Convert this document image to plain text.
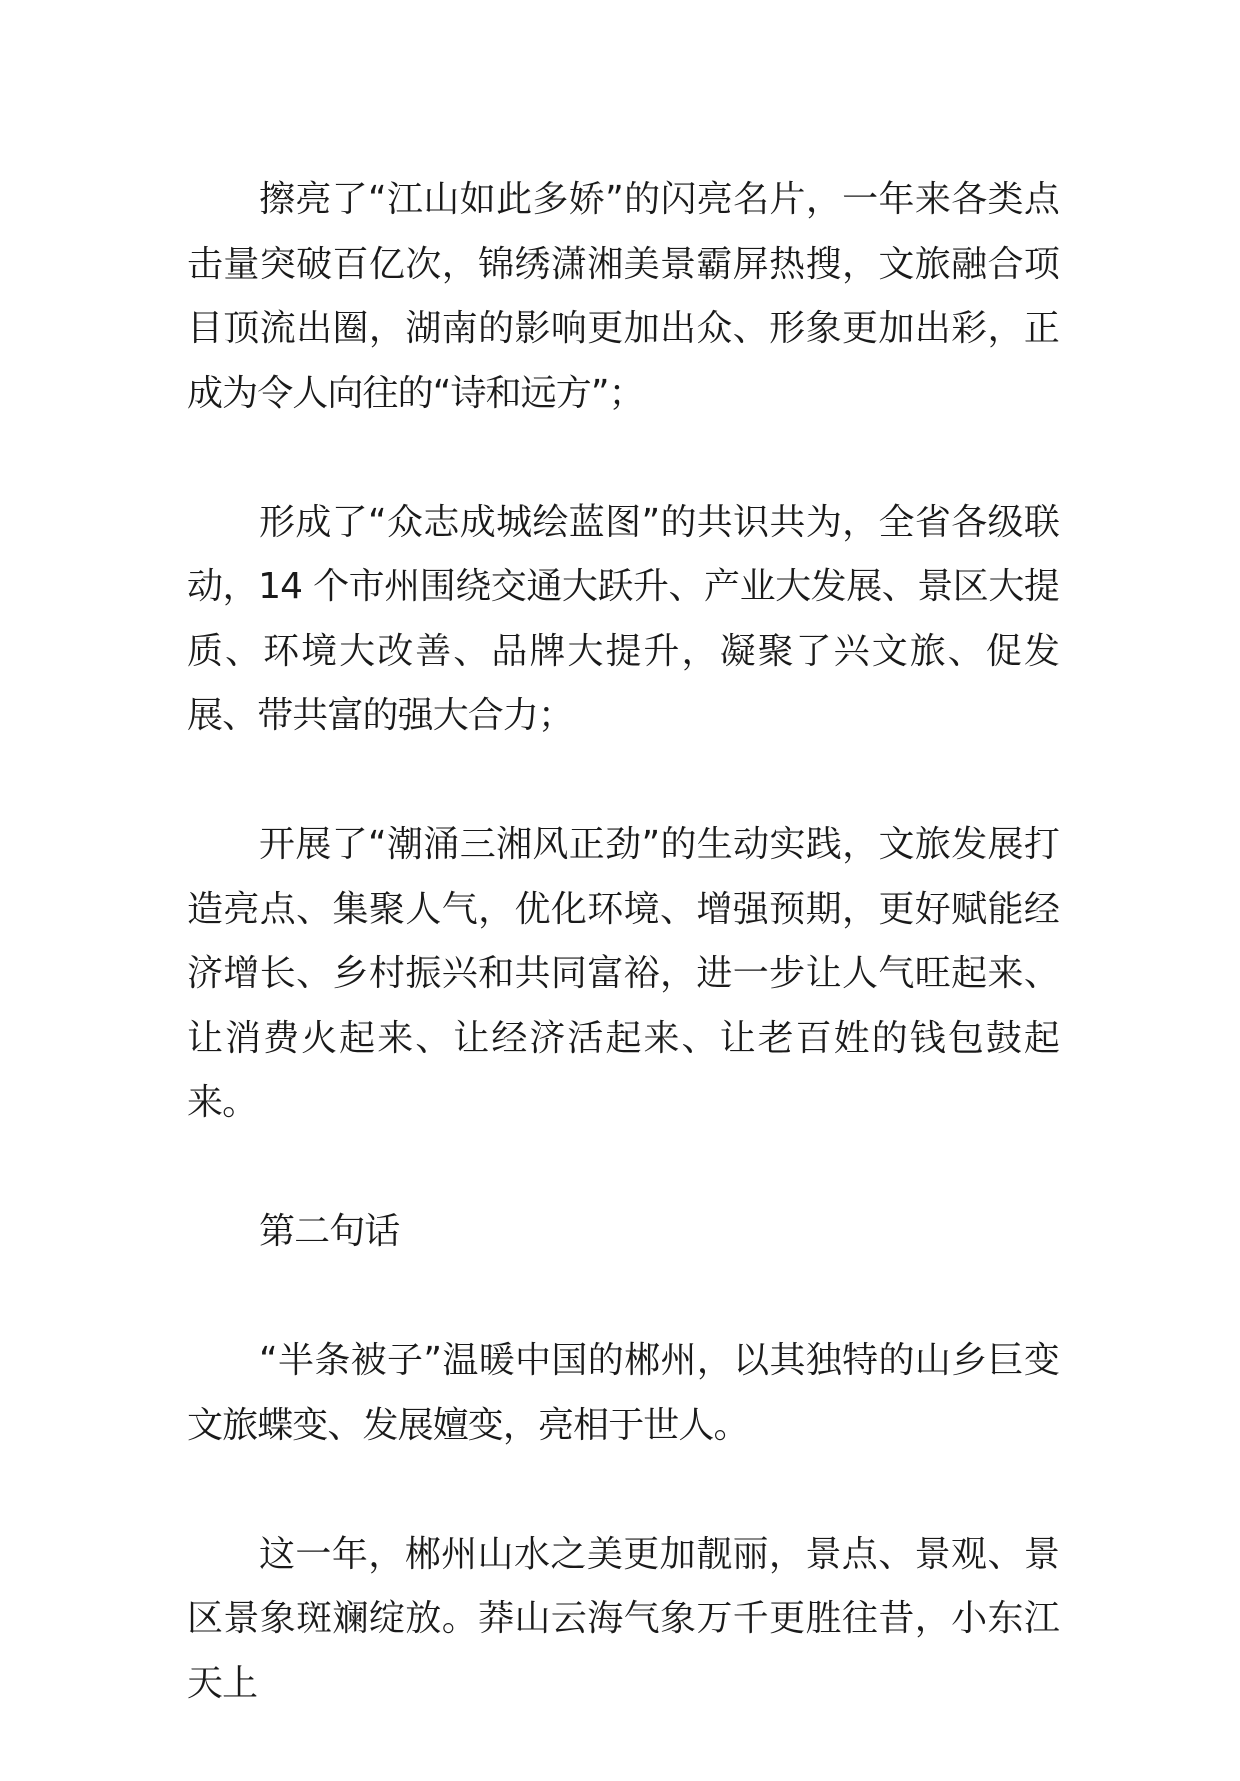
擦亮了“江山如此多娇”的闪亮名片，一年来各类点击量突破百亿次，锦绣潇湘美景霸屏热搜，文旅融合项目顶流出圈，湖南的影响更加出众、形象更加出彩，正成为令人向往的“诗和远方”；

形成了“众志成城绘蓝图”的共识共为，全省各级联动，14 个市州围绕交通大跃升、产业大发展、景区大提质、环境大改善、品牌大提升，凝聚了兴文旅、促发展、带共富的强大合力；

开展了“潮涌三湘风正劲”的生动实践，文旅发展打造亮点、集聚人气，优化环境、增强预期，更好赋能经济增长、乡村振兴和共同富裕，进一步让人气旺起来、让消费火起来、让经济活起来、让老百姓的钱包鼓起来。

第二句话

“半条被子”温暖中国的郴州，以其独特的山乡巨变文旅蝶变、发展嬗变，亮相于世人。

这一年，郴州山水之美更加靓丽，景点、景观、景区景象斑斓绽放。莽山云海气象万千更胜往昔，小东江天上
